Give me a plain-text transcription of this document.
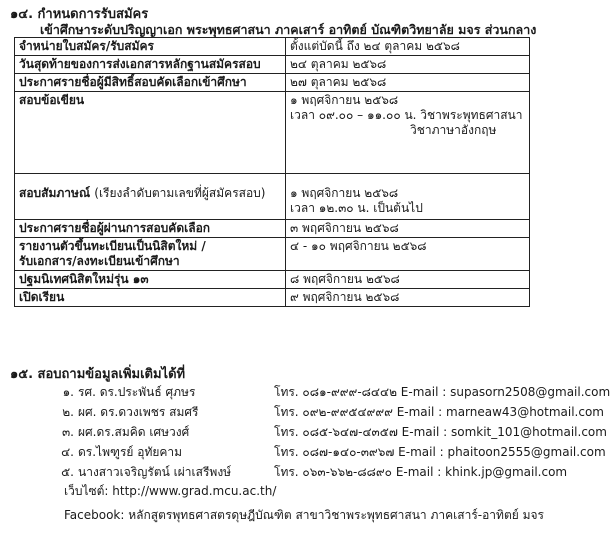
๑๔. กำหนดการรับสมัคร
เข้าศึกษาระดับปริญญาเอก พระพุทธศาสนา ภาคเสาร์ อาทิตย์ บัณฑิตวิทยาลัย มจร ส่วนกลาง
จำหน่ายใบสมัคร/รับสมัคร	ตั้งแต่บัดนี้ ถึง ๒๔ ตุลาคม ๒๕๖๘
วันสุดท้ายของการส่งเอกสารหลักฐานสมัครสอบ	๒๔ ตุลาคม ๒๕๖๘
ประกาศรายชื่อผู้มีสิทธิ์สอบคัดเลือกเข้าศึกษา	๒๗ ตุลาคม ๒๕๖๘
สอบข้อเขียน	๑ พฤศจิกายน ๒๕๖๘
เวลา ๐๙.๐๐ – ๑๑.๐๐ น. วิชาพระพุทธศาสนา
วิชาภาษาอังกฤษ

สอบสัมภาษณ์ (เรียงลำดับตามเลขที่ผู้สมัครสอบ)	๑ พฤศจิกายน ๒๕๖๘
เวลา ๑๒.๓๐ น. เป็นต้นไป

ประกาศรายชื่อผู้ผ่านการสอบคัดเลือก	๓ พฤศจิกายน ๒๕๖๘

รายงานตัวขึ้นทะเบียนเป็นนิสิตใหม่ /
รับเอกสาร/ลงทะเบียนเข้าศึกษา	๔ - ๑๐ พฤศจิกายน ๒๕๖๘
ปฐมนิเทศนิสิตใหม่รุ่น ๑๓	๘ พฤศจิกายน ๒๕๖๘
เปิดเรียน	๙ พฤศจิกายน ๒๕๖๘
๑๕. สอบถามข้อมูลเพิ่มเติมได้ที่
๑. รศ. ดร.ประพันธ์ ศุภษร	โทร. ๐๘๑-๙๙๙-๘๔๔๒ E-mail : supasorn2508@gmail.com
๒. ผศ. ดร.ดวงเพชร สมศรี	โทร. ๐๙๒-๙๙๕๔๙๙๙ E-mail : marneaw43@hotmail.com
๓. ผศ.ดร.สมคิด เศษวงศ์	โทร. ๐๘๕-๖๔๗-๔๓๕๗ E-mail : somkit_101@hotmail.com
๔. ดร.ไพฑูรย์ อุทัยคาม	โทร. ๐๘๗-๑๔๐-๓๙๖๗ E-mail : phaitoon2555@gmail.com
๕. นางสาวเจริญรัตน์ เผ่าเสรีพงษ์	โทร. ๐๖๓-๖๖๒-๘๘๙๐ E-mail : khink.jp@gmail.com
เว็บไซต์: http://www.grad.mcu.ac.th/
Facebook: หลักสูตรพุทธศาสตรดุษฎีบัณฑิต สาขาวิชาพระพุทธศาสนา ภาคเสาร์-อาทิตย์ มจร
